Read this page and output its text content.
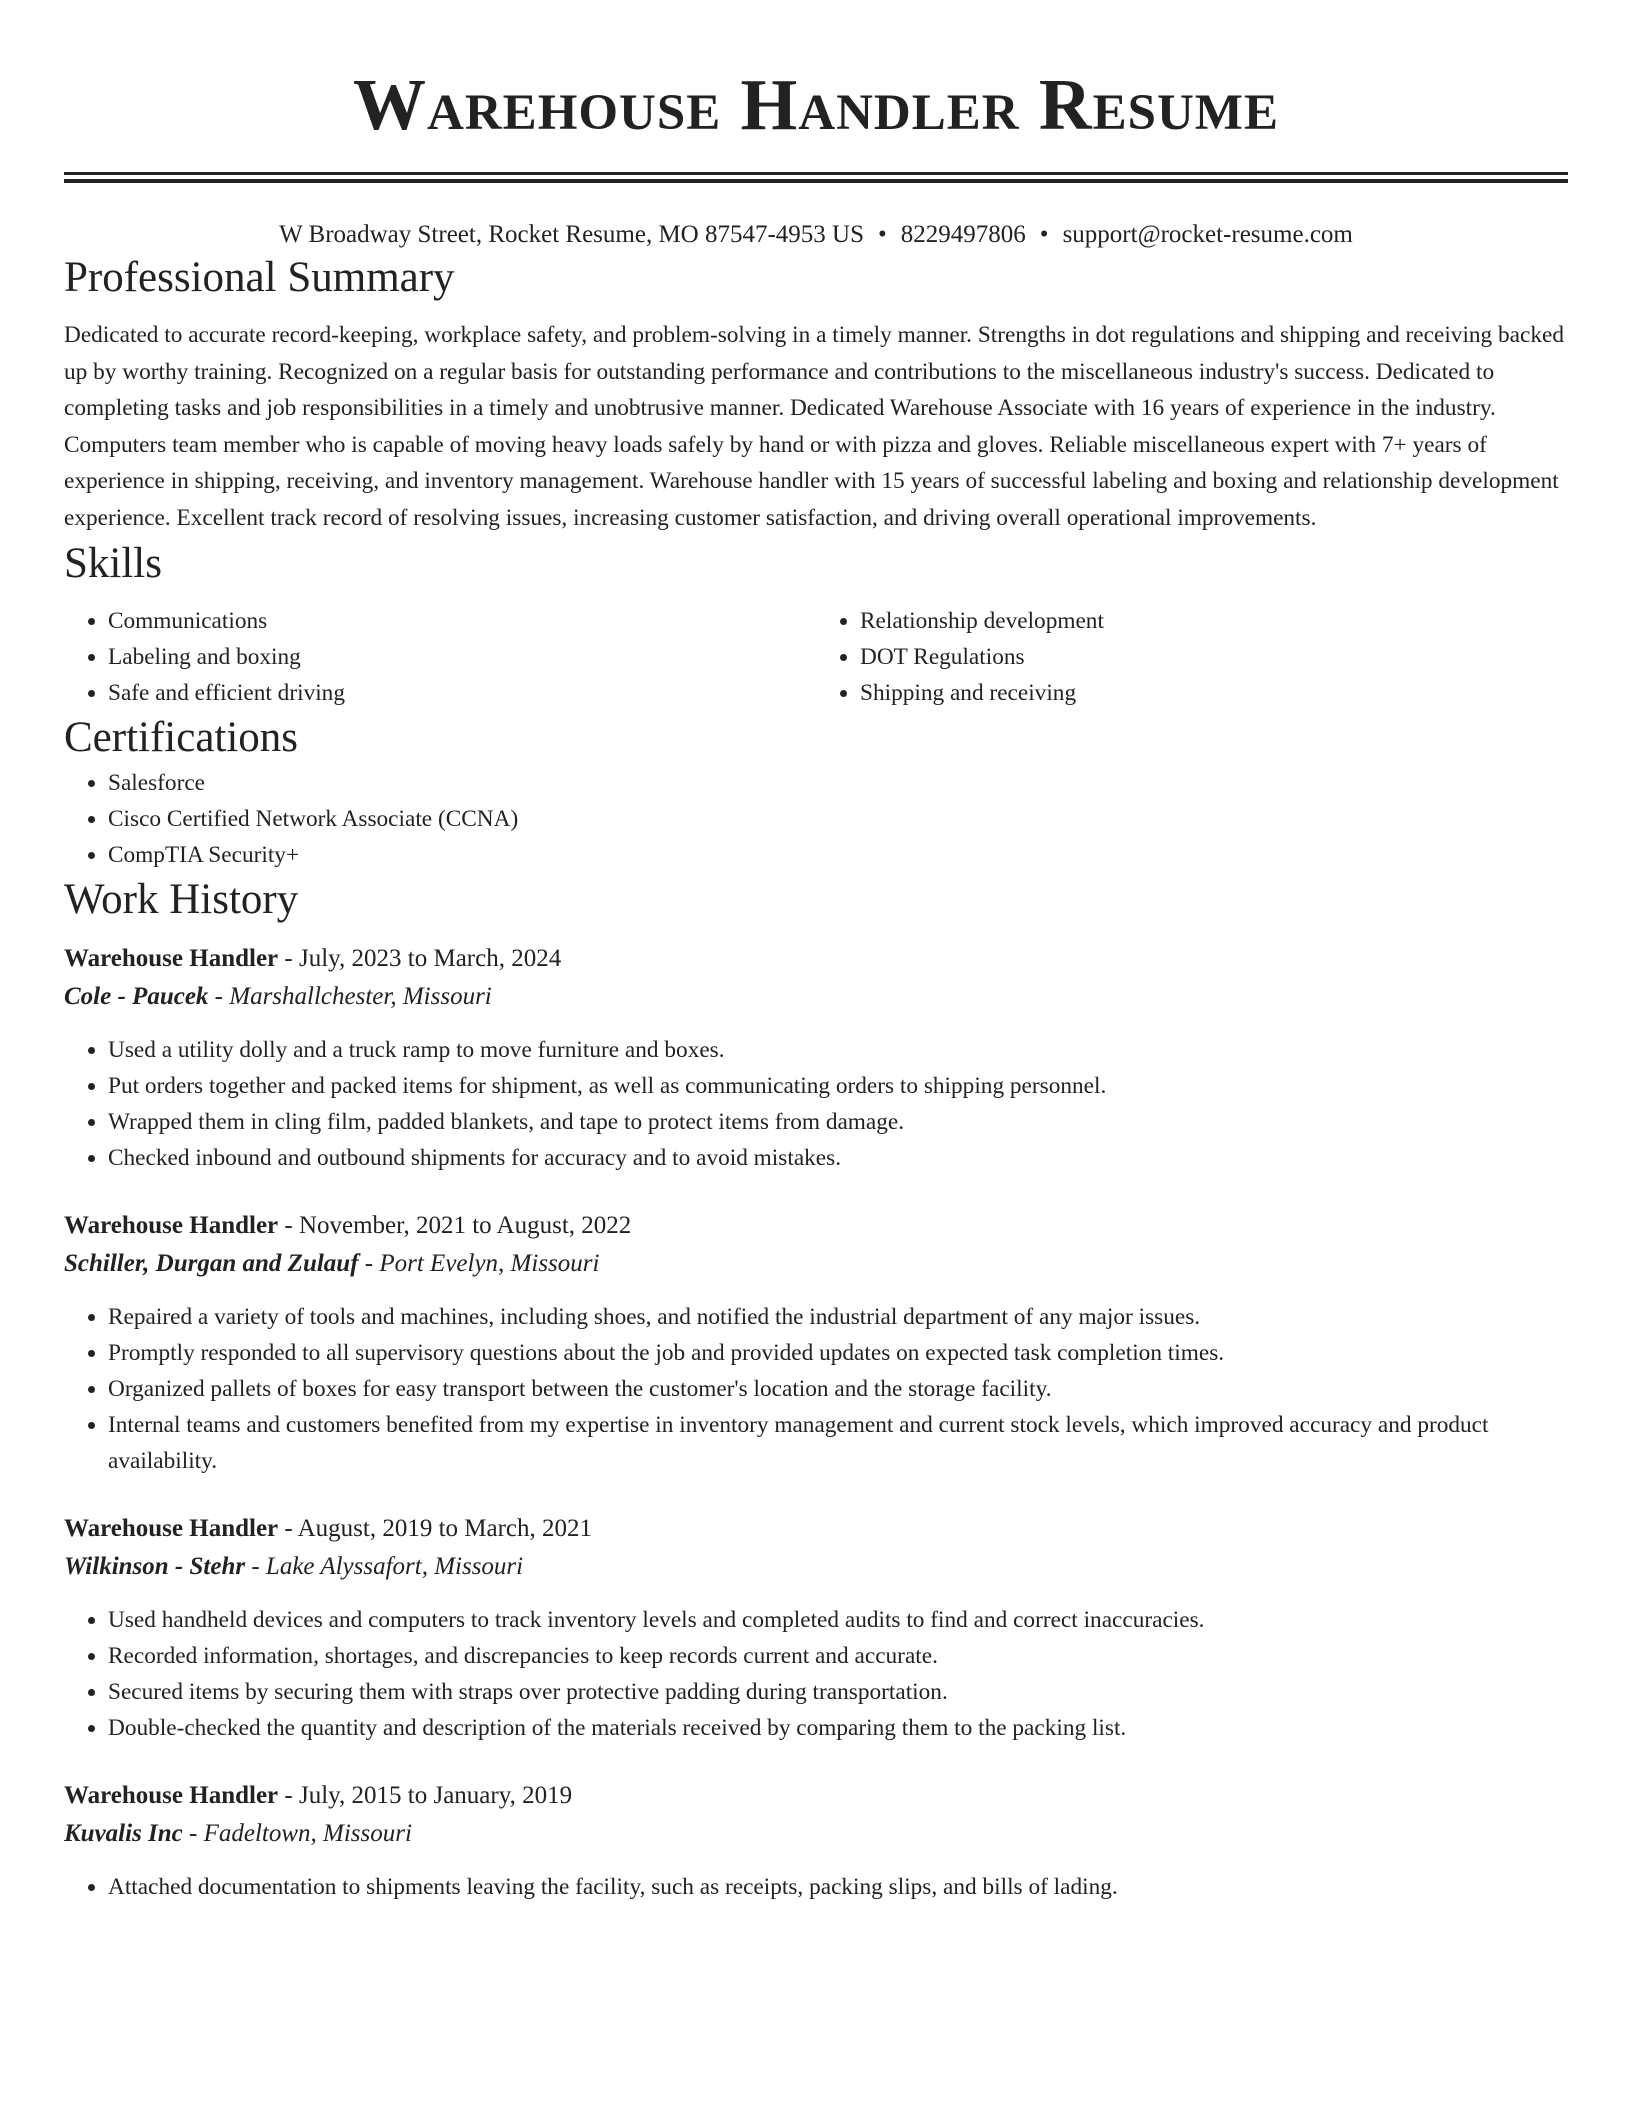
Warehouse Handler Resume
W Broadway Street, Rocket Resume, MO 87547-4953 US • 8229497806 • support@rocket-resume.com
Professional Summary
Dedicated to accurate record-keeping, workplace safety, and problem-solving in a timely manner. Strengths in dot regulations and shipping and receiving backed up by worthy training. Recognized on a regular basis for outstanding performance and contributions to the miscellaneous industry's success. Dedicated to completing tasks and job responsibilities in a timely and unobtrusive manner. Dedicated Warehouse Associate with 16 years of experience in the industry. Computers team member who is capable of moving heavy loads safely by hand or with pizza and gloves. Reliable miscellaneous expert with 7+ years of experience in shipping, receiving, and inventory management. Warehouse handler with 15 years of successful labeling and boxing and relationship development experience. Excellent track record of resolving issues, increasing customer satisfaction, and driving overall operational improvements.
Skills
• Communications
• Labeling and boxing
• Safe and efficient driving
• Relationship development
• DOT Regulations
• Shipping and receiving
Certifications
• Salesforce
• Cisco Certified Network Associate (CCNA)
• CompTIA Security+
Work History
Warehouse Handler - July, 2023 to March, 2024
Cole - Paucek - Marshallchester, Missouri
• Used a utility dolly and a truck ramp to move furniture and boxes.
• Put orders together and packed items for shipment, as well as communicating orders to shipping personnel.
• Wrapped them in cling film, padded blankets, and tape to protect items from damage.
• Checked inbound and outbound shipments for accuracy and to avoid mistakes.
Warehouse Handler - November, 2021 to August, 2022
Schiller, Durgan and Zulauf - Port Evelyn, Missouri
• Repaired a variety of tools and machines, including shoes, and notified the industrial department of any major issues.
• Promptly responded to all supervisory questions about the job and provided updates on expected task completion times.
• Organized pallets of boxes for easy transport between the customer's location and the storage facility.
• Internal teams and customers benefited from my expertise in inventory management and current stock levels, which improved accuracy and product availability.
Warehouse Handler - August, 2019 to March, 2021
Wilkinson - Stehr - Lake Alyssafort, Missouri
• Used handheld devices and computers to track inventory levels and completed audits to find and correct inaccuracies.
• Recorded information, shortages, and discrepancies to keep records current and accurate.
• Secured items by securing them with straps over protective padding during transportation.
• Double-checked the quantity and description of the materials received by comparing them to the packing list.
Warehouse Handler - July, 2015 to January, 2019
Kuvalis Inc - Fadeltown, Missouri
• Attached documentation to shipments leaving the facility, such as receipts, packing slips, and bills of lading.
